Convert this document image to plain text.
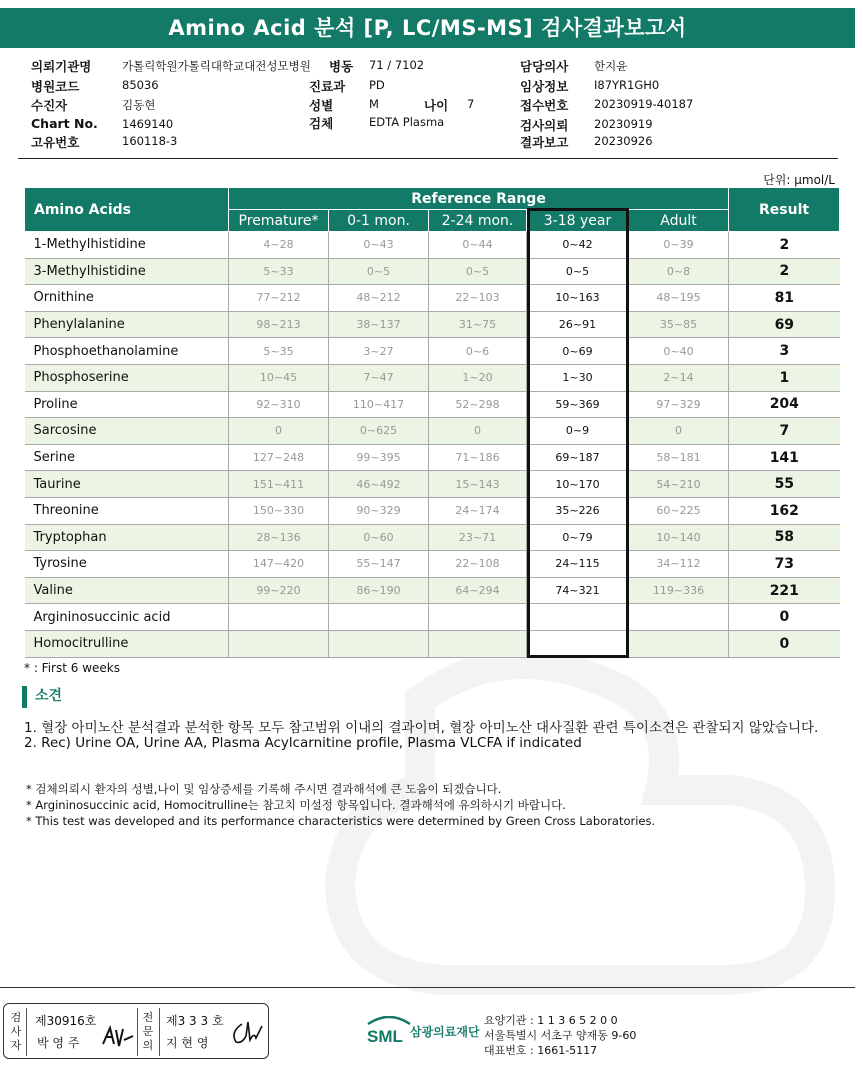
Amino Acid 분석 [P, LC/MS-MS] 검사결과보고서
의뢰기관명	가톨릭학원가톨릭대학교대전성모병원
병원코드	85036
수진자	김동현
Chart No. 1469140
고유번호	160118-3
병동 71 / 7102
진료과 PD
성별	M	나이 7
검체	EDTA Plasma
담당의사 한지윤
임상정보 I87YR1GH0
접수번호 20230919-40187
검사의뢰 20230919
결과보고 20230926
단위: µmol/L
Amino Acids	Reference Range					Result
	Premature*	0-1 mon.	2-24 mon.	3-18 year	Adult	
1-Methylhistidine	4~28	0~43	0~44	0~42	0~39	2
3-Methylhistidine	5~33	0~5	0~5	0~5	0~8	2
Ornithine	77~212	48~212	22~103	10~163	48~195	81
Phenylalanine	98~213	38~137	31~75	26~91	35~85	69
Phosphoethanolamine	5~35	3~27	0~6	0~69	0~40	3
Phosphoserine	10~45	7~47	1~20	1~30	2~14	1
Proline	92~310	110~417	52~298	59~369	97~329	204
Sarcosine	0	0~625	0	0~9	0	7
Serine	127~248	99~395	71~186	69~187	58~181	141
Taurine	151~411	46~492	15~143	10~170	54~210	55
Threonine	150~330	90~329	24~174	35~226	60~225	162
Tryptophan	28~136	0~60	23~71	0~79	10~140	58
Tyrosine	147~420	55~147	22~108	24~115	34~112	73
Valine	99~220	86~190	64~294	74~321	119~336	221
Argininosuccinic acid						0
Homocitrulline						0
* : First 6 weeks
소견
1. 혈장 아미노산 분석결과 분석한 항목 모두 참고범위 이내의 결과이며, 혈장 아미노산 대사질환 관련 특이소견은 관찰되지 않았습니다.
2. Rec) Urine OA, Urine AA, Plasma Acylcarnitine profile, Plasma VLCFA if indicated
* 검체의뢰시 환자의 성별,나이 및 임상증세를 기록해 주시면 결과해석에 큰 도움이 되겠습니다.
* Argininosuccinic acid, Homocitrulline는 참고치 미설정 항목입니다. 결과해석에 유의하시기 바랍니다.
* This test was developed and its performance characteristics were determined by Green Cross Laboratories.
검사자
제30916호
박 영 주
전문의
제3 3 3 호
지 현 영	SML 삼광의료재단
요양기관 : 1 1 3 6 5 2 0 0
서울특별시 서초구 양재동 9-60
대표번호 : 1661-5117
